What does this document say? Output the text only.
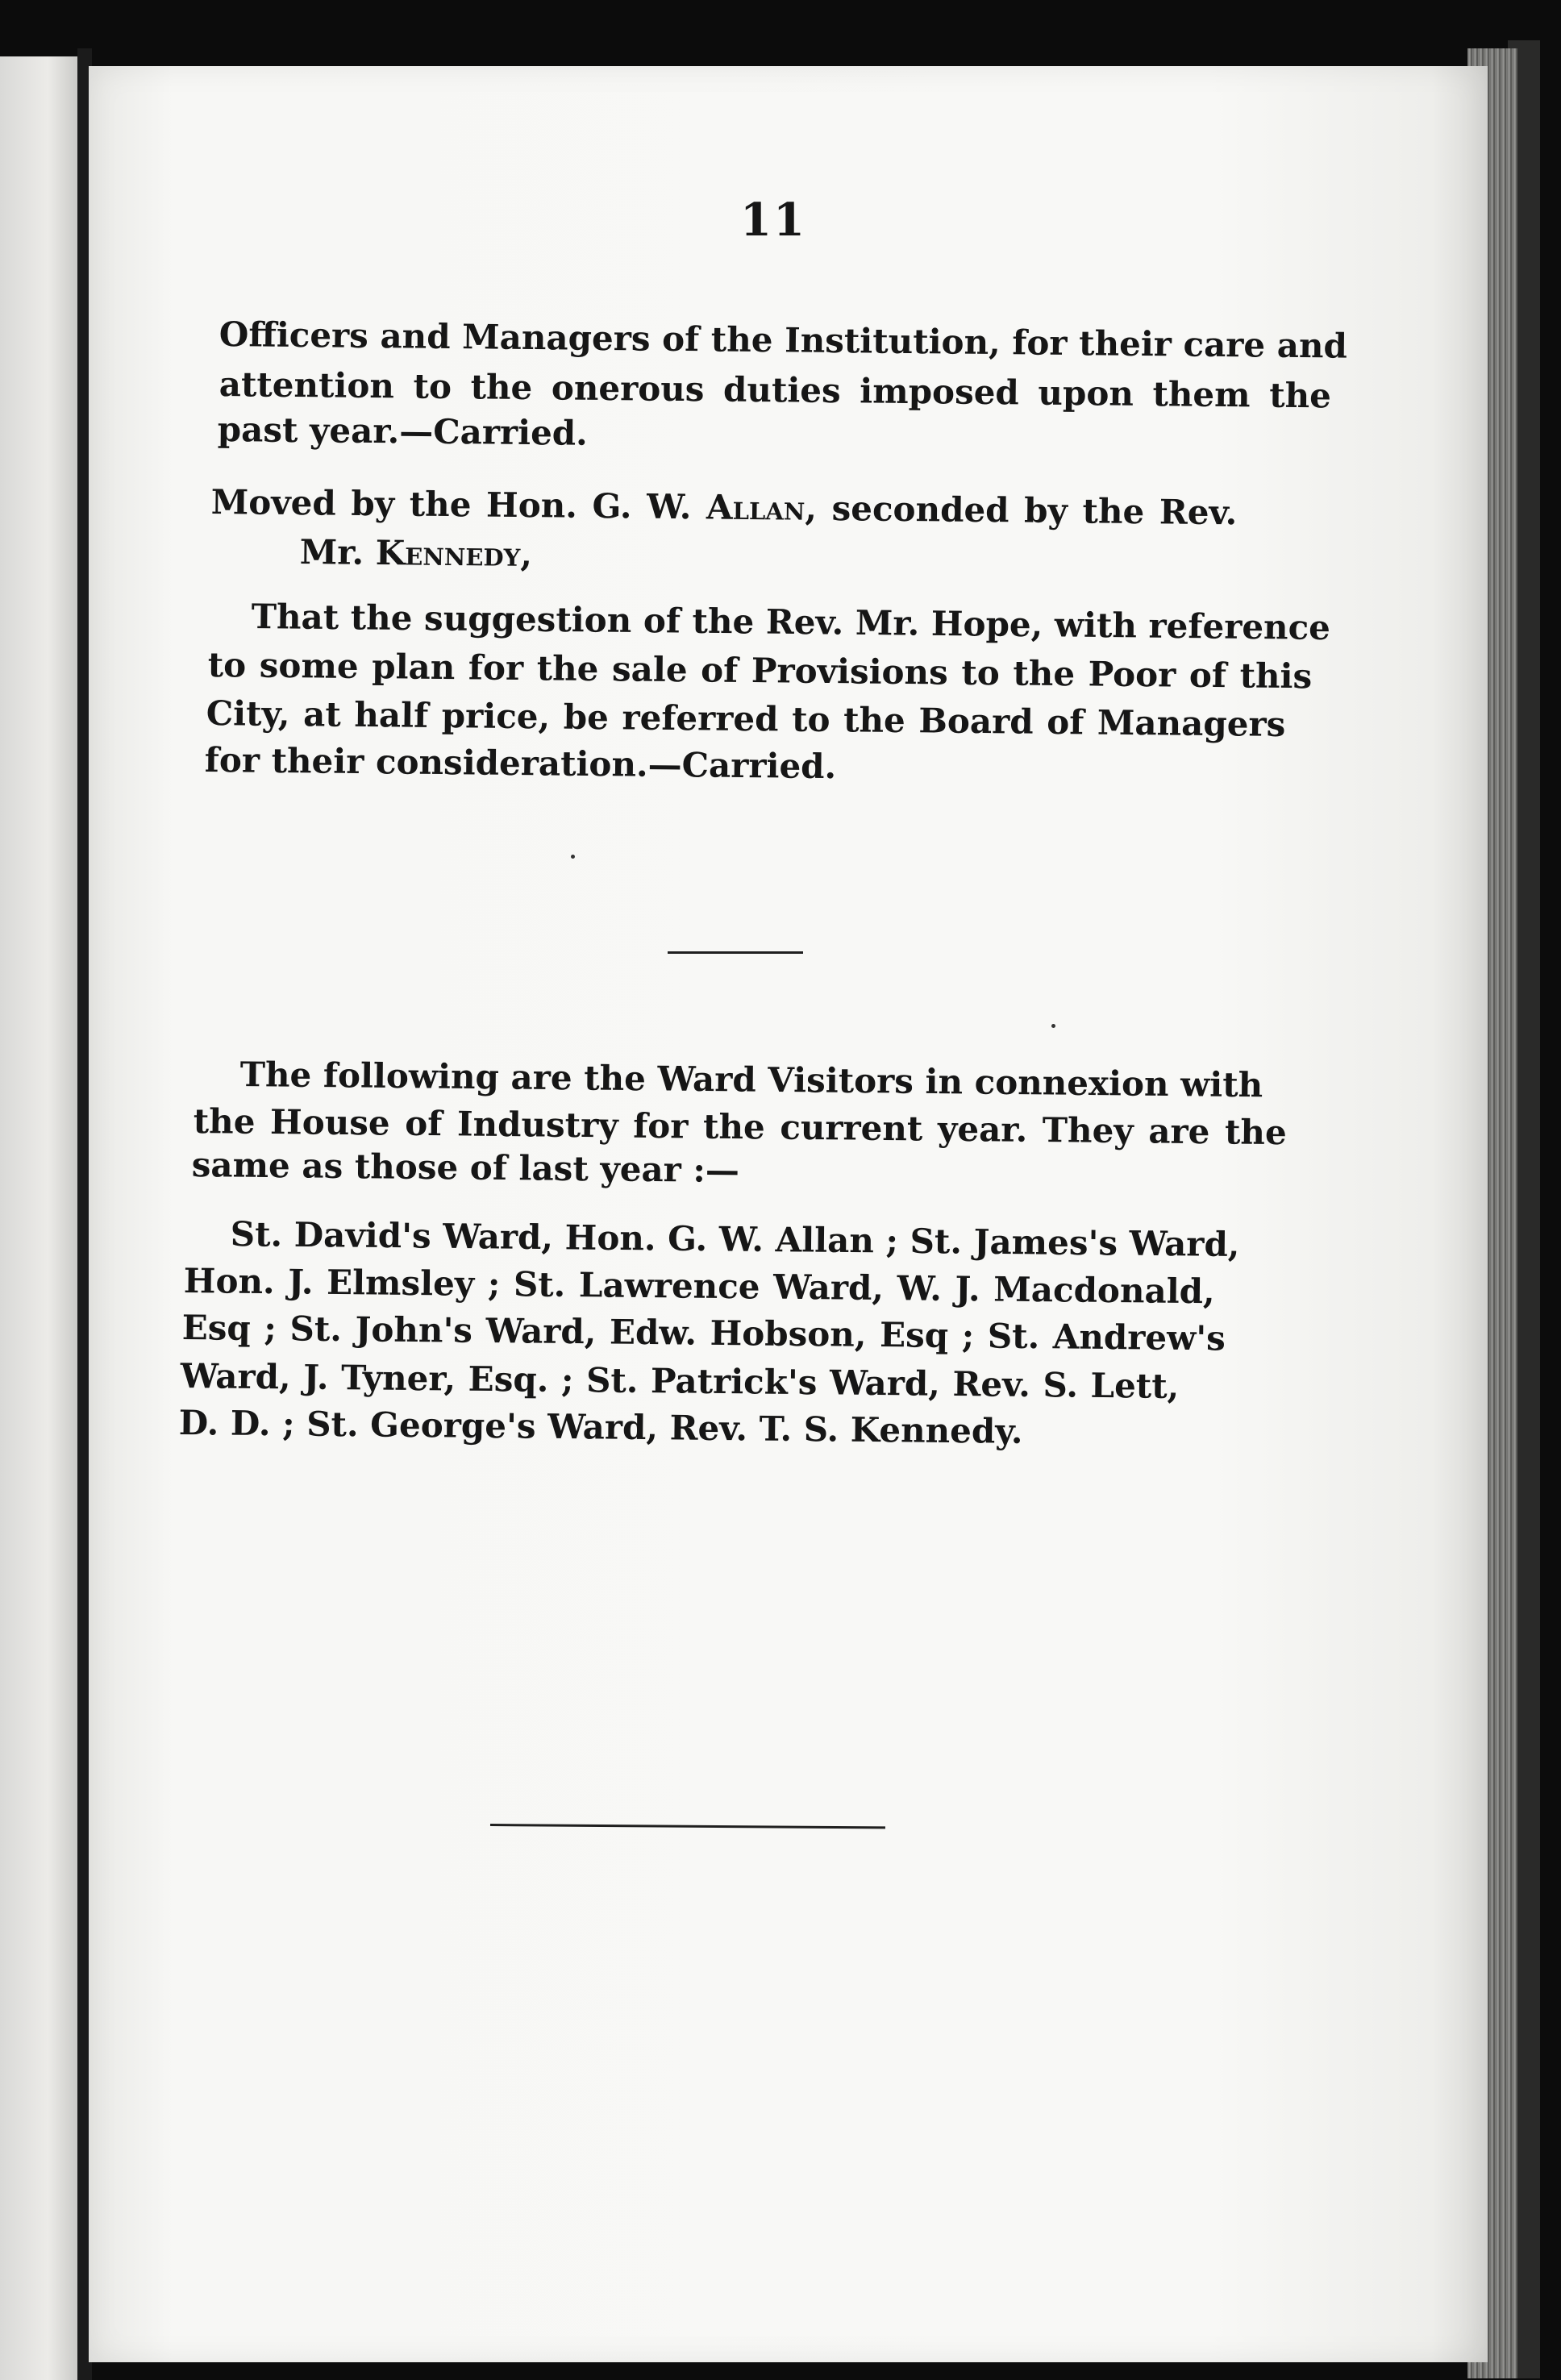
11
Officers and Managers of the Institution, for their care and
attention to the onerous duties imposed upon them the
past year.—Carried.
Moved by the Hon. G. W. Allan, seconded by the Rev.
Mr. Kennedy,
That the suggestion of the Rev. Mr. Hope, with reference
to some plan for the sale of Provisions to the Poor of this
City, at half price, be referred to the Board of Managers
for their consideration.—Carried.
The following are the Ward Visitors in connexion with
the House of Industry for the current year. They are the
same as those of last year :—
St. David's Ward, Hon. G. W. Allan ; St. James's Ward,
Hon. J. Elmsley ; St. Lawrence Ward, W. J. Macdonald,
Esq ; St. John's Ward, Edw. Hobson, Esq ; St. Andrew's
Ward, J. Tyner, Esq. ; St. Patrick's Ward, Rev. S. Lett,
D. D. ; St. George's Ward, Rev. T. S. Kennedy.
